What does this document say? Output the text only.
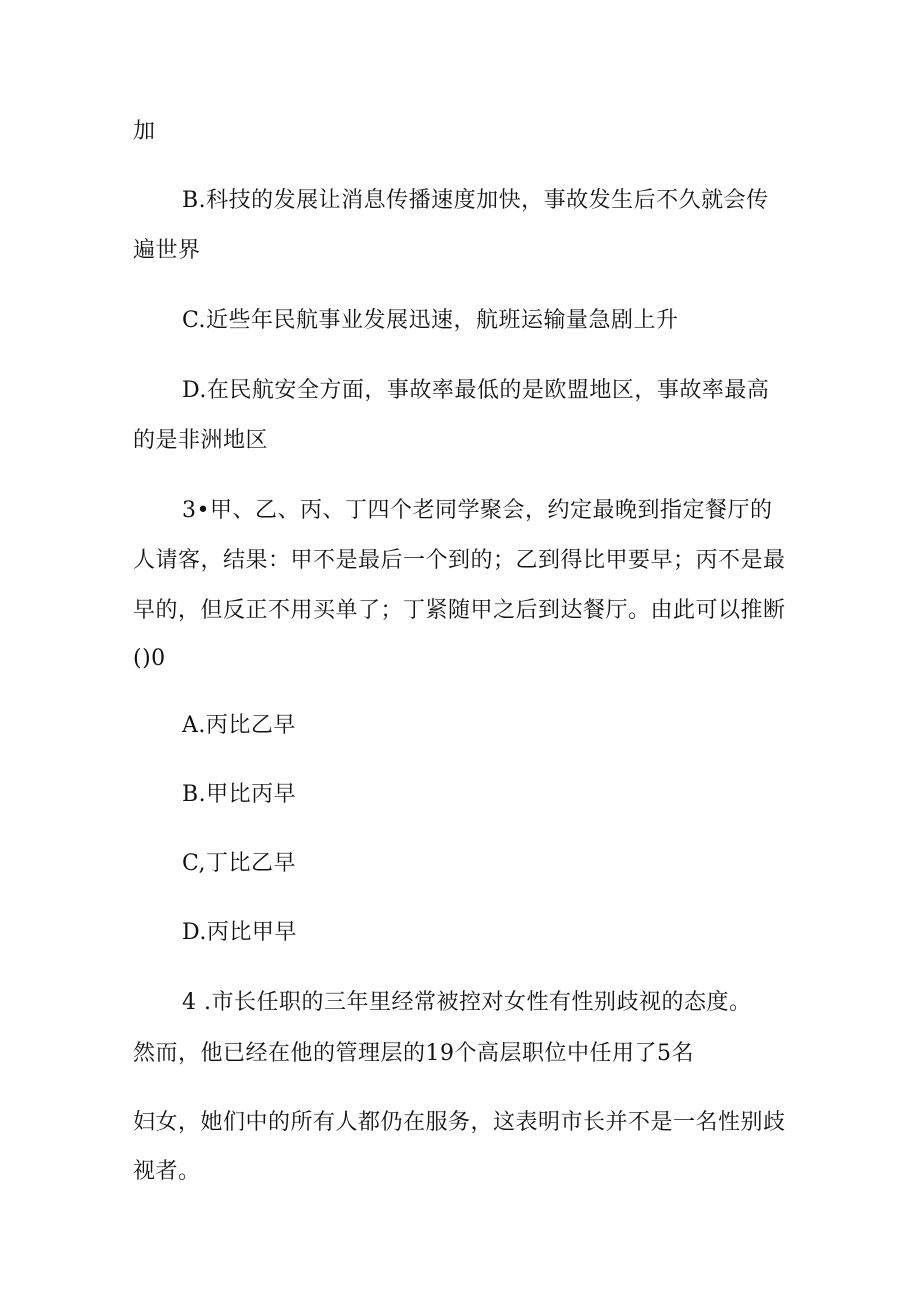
加
B.科技的发展让消息传播速度加快，事故发生后不久就会传
遍世界
C.近些年民航事业发展迅速，航班运输量急剧上升
D.在民航安全方面，事故率最低的是欧盟地区，事故率最高
的是非洲地区
3•甲、乙、丙、丁四个老同学聚会，约定最晚到指定餐厅的
人请客，结果：甲不是最后一个到的；乙到得比甲要早；丙不是最
早的，但反正不用买单了；丁紧随甲之后到达餐厅。由此可以推断
()0
A.丙比乙早
B.甲比丙早
C,丁比乙早
D.丙比甲早
4 .市长任职的三年里经常被控对女性有性别歧视的态度。
然而，他已经在他的管理层的19个高层职位中任用了5名
妇女，她们中的所有人都仍在服务，这表明市长并不是一名性别歧
视者。
